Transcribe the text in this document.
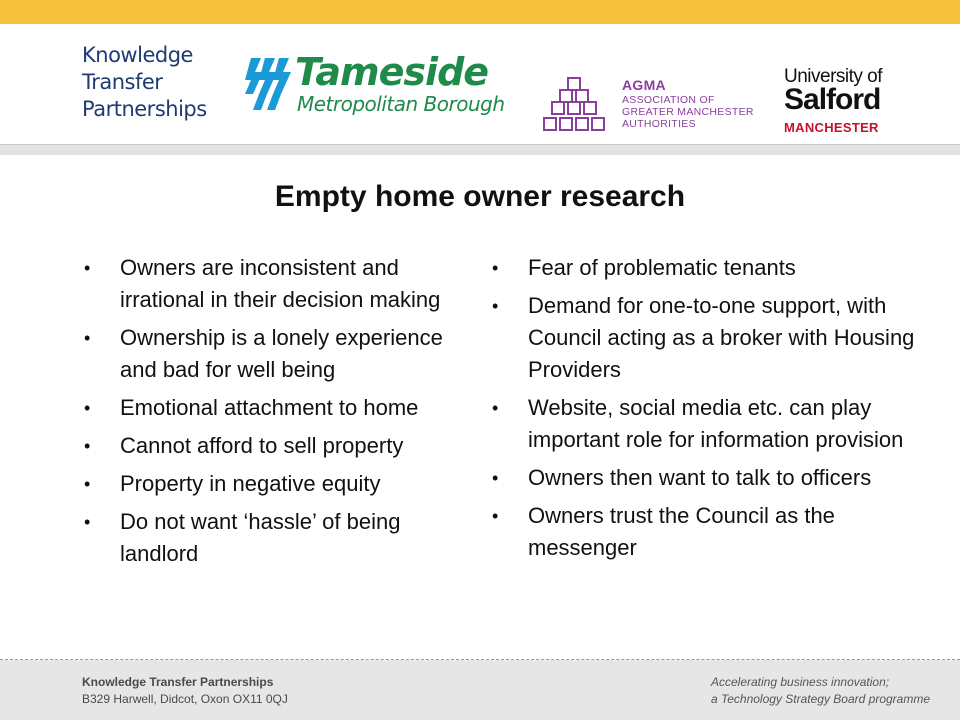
Knowledge
Transfer
Partnerships
Tameside
Metropolitan Borough
AGMA
ASSOCIATION OF
GREATER MANCHESTER
AUTHORITIES
University of
Salford
MANCHESTER
Empty home owner research
• Owners are inconsistent and irrational in their decision making
• Ownership is a lonely experience and bad for well being
• Emotional attachment to home
• Cannot afford to sell property
• Property in negative equity
• Do not want ‘hassle’ of being landlord
• Fear of problematic tenants
• Demand for one-to-one support, with Council acting as a broker with Housing Providers
• Website, social media etc. can play important role for information provision
• Owners then want to talk to officers
• Owners trust the Council as the messenger
Knowledge Transfer Partnerships
B329 Harwell, Didcot, Oxon OX11 0QJ
Accelerating business innovation;
a Technology Strategy Board programme
